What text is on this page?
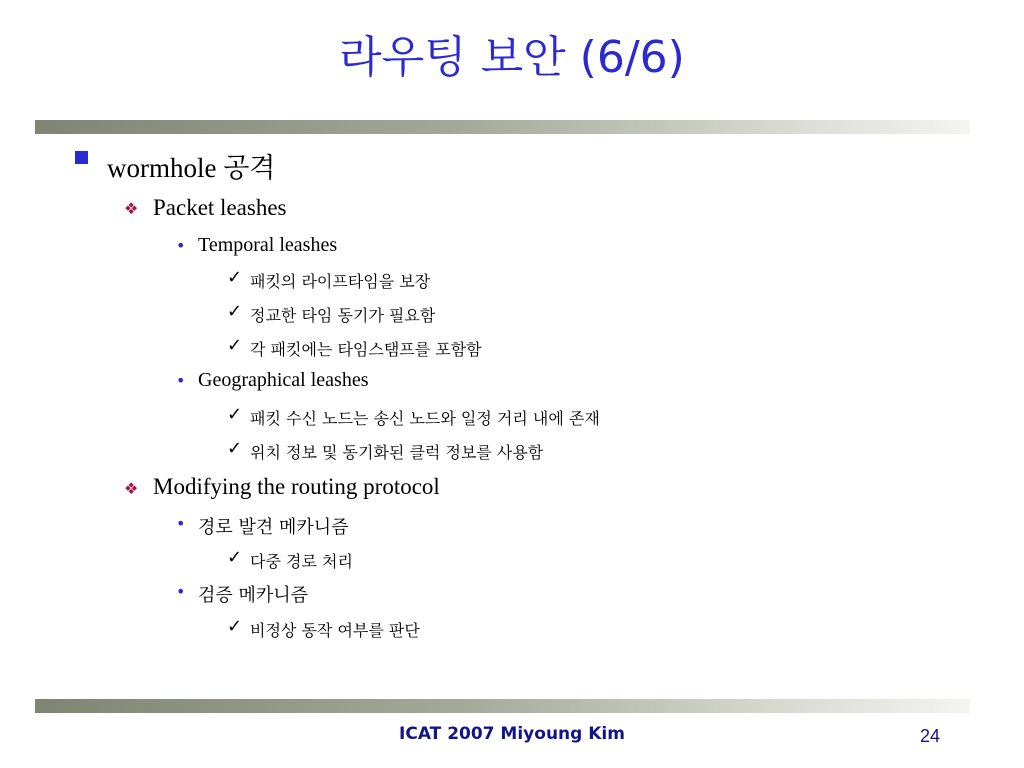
라우팅 보안 (6/6)
wormhole 공격
❖ Packet leashes
• Temporal leashes
✓ 패킷의 라이프타임을 보장
✓ 정교한 타임 동기가 필요함
✓ 각 패킷에는 타임스탬프를 포함함
• Geographical leashes
✓ 패킷 수신 노드는 송신 노드와 일정 거리 내에 존재
✓ 위치 정보 및 동기화된 클럭 정보를 사용함
❖ Modifying the routing protocol
• 경로 발견 메카니즘
✓ 다중 경로 처리
• 검증 메카니즘
✓ 비정상 동작 여부를 판단
ICAT 2007 Miyoung Kim	24
